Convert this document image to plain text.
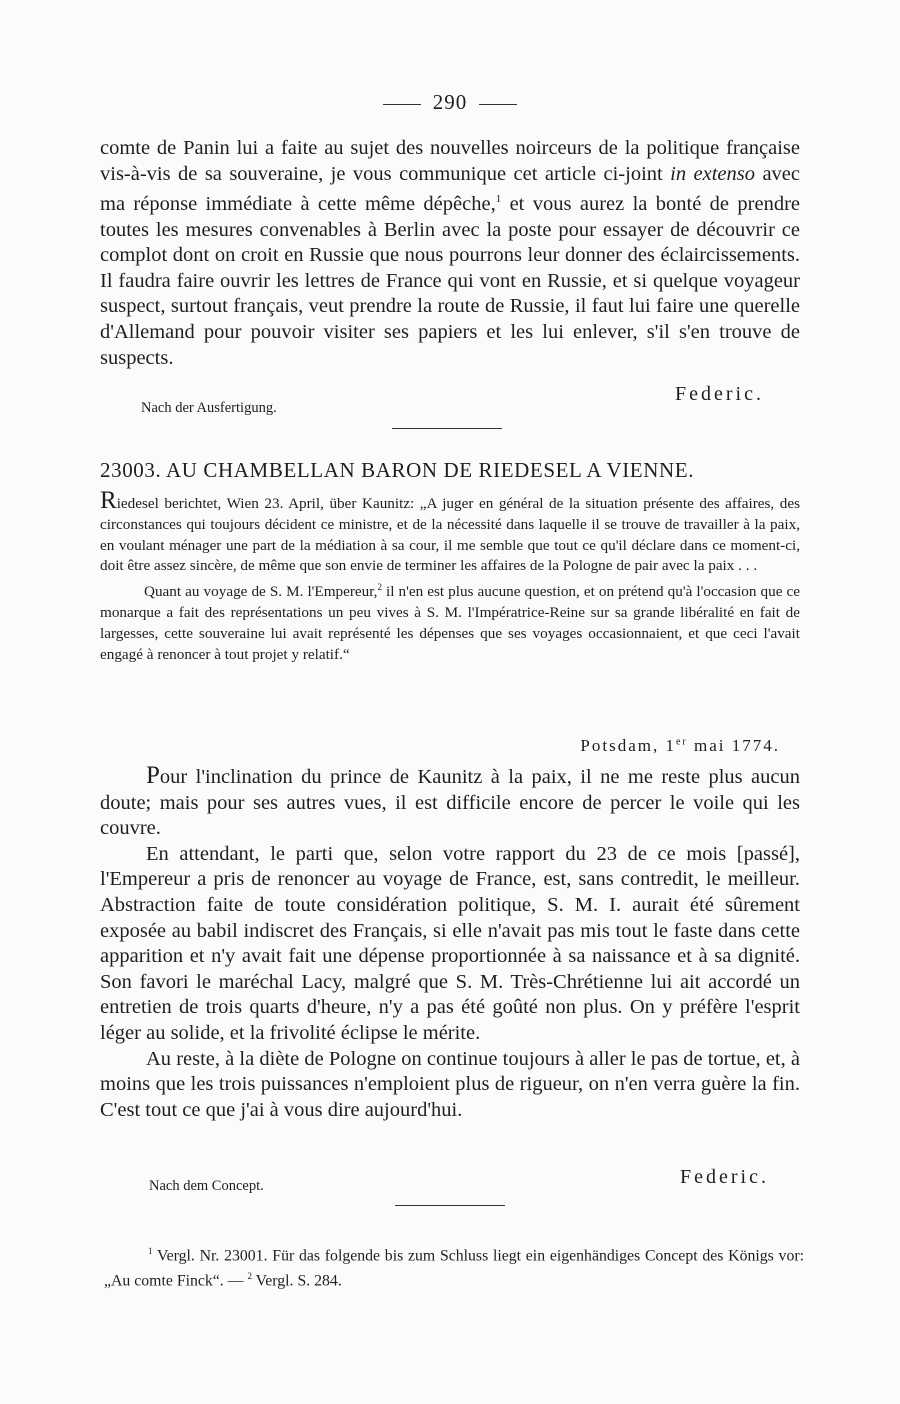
290

comte de Panin lui a faite au sujet des nouvelles noirceurs de la politique française vis-à-vis de sa souveraine, je vous communique cet article ci-joint in extenso avec ma réponse immédiate à cette même dépêche,$^1$ et vous aurez la bonté de prendre toutes les mesures convenables à Berlin avec la poste pour essayer de découvrir ce complot dont on croit en Russie que nous pourrons leur donner des éclaircissements. Il faudra faire ouvrir les lettres de France qui vont en Russie, et si quelque voyageur suspect, surtout français, veut prendre la route de Russie, il faut lui faire une querelle d'Allemand pour pouvoir visiter ses papiers et les lui enlever, s'il s'en trouve de suspects.

Federic.
Nach der Ausfertigung.
23003. AU CHAMBELLAN BARON DE RIEDESEL A VIENNE.

Riedesel berichtet, Wien 23. April, über Kaunitz: „A juger en général de la situation présente des affaires, des circonstances qui toujours décident ce ministre, et de la nécessité dans laquelle il se trouve de travailler à la paix, en voulant ménager une part de la médiation à sa cour, il me semble que tout ce qu'il déclare dans ce moment-ci, doit être assez sincère, de même que son envie de terminer les affaires de la Pologne de pair avec la paix . . .

Quant au voyage de S. M. l'Empereur,$^2$ il n'en est plus aucune question, et on prétend qu'à l'occasion que ce monarque a fait des représentations un peu vives à S. M. l'Impératrice-Reine sur sa grande libéralité en fait de largesses, cette souveraine lui avait représenté les dépenses que ses voyages occasionnaient, et que ceci l'avait engagé à renoncer à tout projet y relatif.“

Potsdam, 1er mai 1774.

Pour l'inclination du prince de Kaunitz à la paix, il ne me reste plus aucun doute; mais pour ses autres vues, il est difficile encore de percer le voile qui les couvre.

En attendant, le parti que, selon votre rapport du 23 de ce mois [passé], l'Empereur a pris de renoncer au voyage de France, est, sans contredit, le meilleur. Abstraction faite de toute considération politique, S. M. I. aurait été sûrement exposée au babil indiscret des Français, si elle n'avait pas mis tout le faste dans cette apparition et n'y avait fait une dépense proportionnée à sa naissance et à sa dignité. Son favori le maréchal Lacy, malgré que S. M. Très-Chrétienne lui ait accordé un entretien de trois quarts d'heure, n'y a pas été goûté non plus. On y préfère l'esprit léger au solide, et la frivolité éclipse le mérite.

Au reste, à la diète de Pologne on continue toujours à aller le pas de tortue, et, à moins que les trois puissances n'emploient plus de rigueur, on n'en verra guère la fin. C'est tout ce que j'ai à vous dire aujourd'hui.

Federic.
Nach dem Concept.
$^1$ Vergl. Nr. 23001. Für das folgende bis zum Schluss liegt ein eigenhändiges Concept des Königs vor: „Au comte Finck“. — $^2$ Vergl. S. 284.
